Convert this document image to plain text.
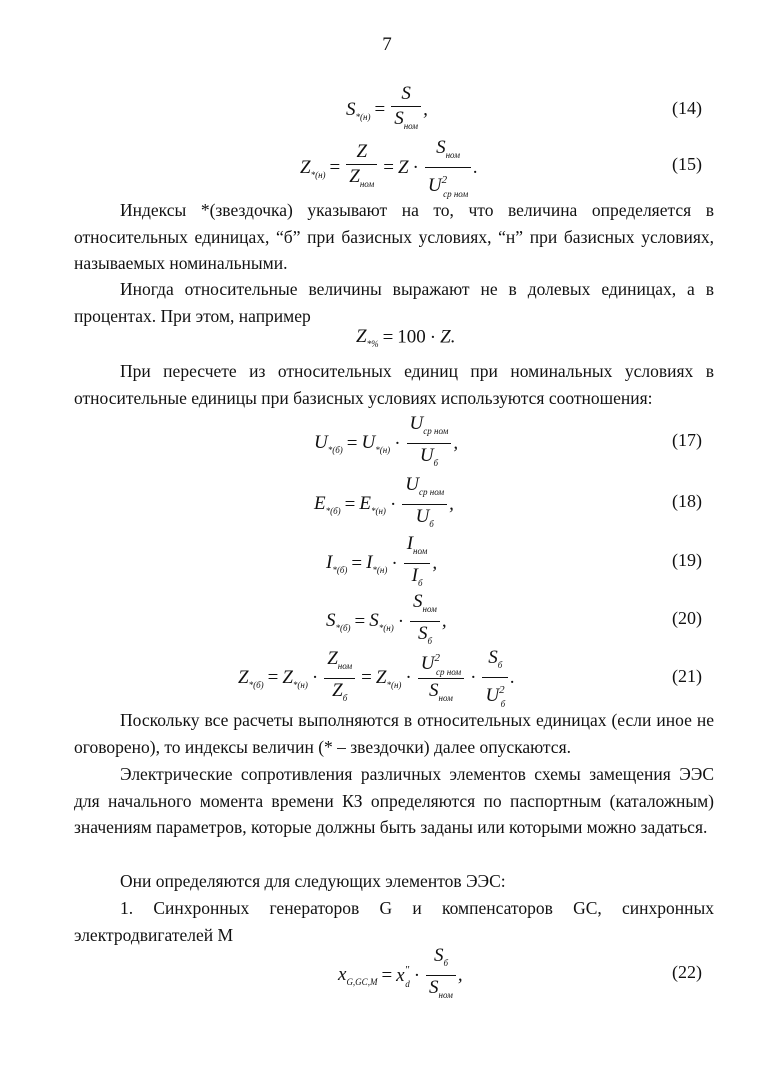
7
$S_{*(н)} = \frac{S}{S_{ном}}$ ,	(14)
$Z_{*(н)} = \frac{Z}{Z_{ном}} = Z \cdot \frac{S_{ном}}{U^2_{ср ном}}$ .	(15)

Индексы *(звездочка) указывают на то, что величина определяется в относительных единицах, “б” при базисных условиях, “н” при базисных условиях, называемых номинальными.

Иногда относительные величины выражают не в долевых единицах, а в процентах. При этом, например

$Z_{*\%} = 100 \cdot Z$.

При пересчете из относительных единиц при номинальных условиях в относительные единицы при базисных условиях используются соотношения:

$U_{*(б)} = U_{*(н)} \cdot \frac{U_{ср ном}}{U_б}$ ,	(17)
$E_{*(б)} = E_{*(н)} \cdot \frac{U_{ср ном}}{U_б}$ ,	(18)
$I_{*(б)} = I_{*(н)} \cdot \frac{I_{ном}}{I_б}$ ,	(19)
$S_{*(б)} = S_{*(н)} \cdot \frac{S_{ном}}{S_б}$ ,	(20)
$Z_{*(б)} = Z_{*(н)} \cdot \frac{Z_{ном}}{Z_б} = Z_{*(н)} \cdot \frac{U^2_{ср ном}}{S_{ном}} \cdot \frac{S_б}{U^2_б}$ .	(21)

Поскольку все расчеты выполняются в относительных единицах (если иное не оговорено), то индексы величин (* – звездочки) далее опускаются.

Электрические сопротивления различных элементов схемы замещения ЭЭС для начального момента времени КЗ определяются по паспортным (каталожным) значениям параметров, которые должны быть заданы или которыми можно задаться.

Они определяются для следующих элементов ЭЭС:

1. Синхронных генераторов G и компенсаторов GC, синхронных электродвигателей M

$x_{G,GC,M} = x''_d \cdot \frac{S_б}{S_{ном}}$ ,	(22)
